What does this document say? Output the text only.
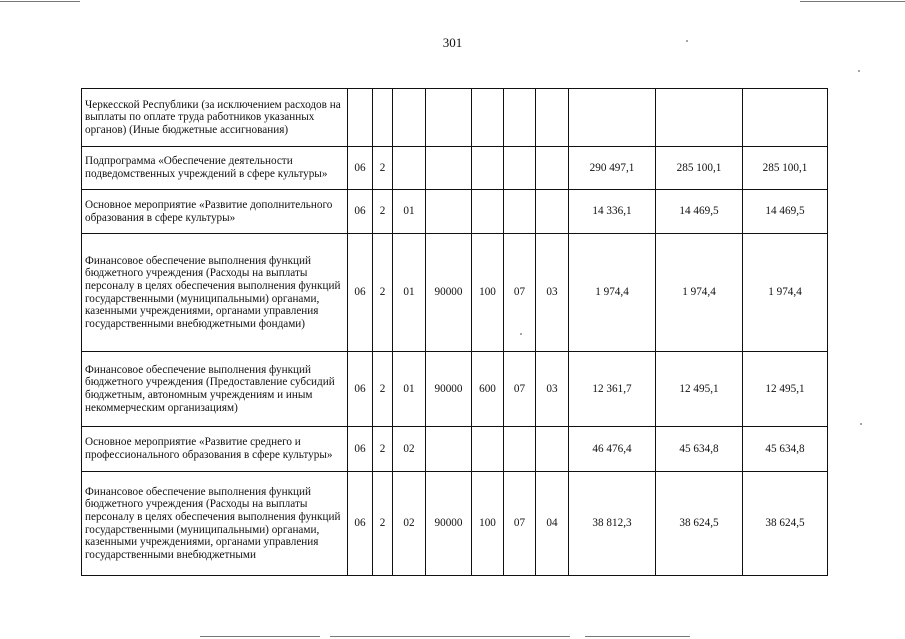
301
Черкесской Республики (за исключением расходов на выплаты по оплате труда работников указанных органов) (Иные бюджетные ассигнования)										
Подпрограмма «Обеспечение деятельности подведомственных учреждений в сфере культуры»	06	2						290 497,1	285 100,1	285 100,1
Основное мероприятие «Развитие дополнительного образования в сфере культуры»	06	2	01					14 336,1	14 469,5	14 469,5
Финансовое обеспечение выполнения функций бюджетного учреждения (Расходы на выплаты персоналу в целях обеспечения выполнения функций государственными (муниципальными) органами, казенными учреждениями, органами управления государственными внебюджетными фондами)	06	2	01	90000	100	07	03	1 974,4	1 974,4	1 974,4
Финансовое обеспечение выполнения функций бюджетного учреждения (Предоставление субсидий бюджетным, автономным учреждениям и иным некоммерческим организациям)	06	2	01	90000	600	07	03	12 361,7	12 495,1	12 495,1
Основное мероприятие «Развитие среднего и профессионального образования в сфере культуры»	06	2	02					46 476,4	45 634,8	45 634,8
Финансовое обеспечение выполнения функций бюджетного учреждения (Расходы на выплаты персоналу в целях обеспечения выполнения функций государственными (муниципальными) органами, казенными учреждениями, органами управления государственными внебюджетными	06	2	02	90000	100	07	04	38 812,3	38 624,5	38 624,5
